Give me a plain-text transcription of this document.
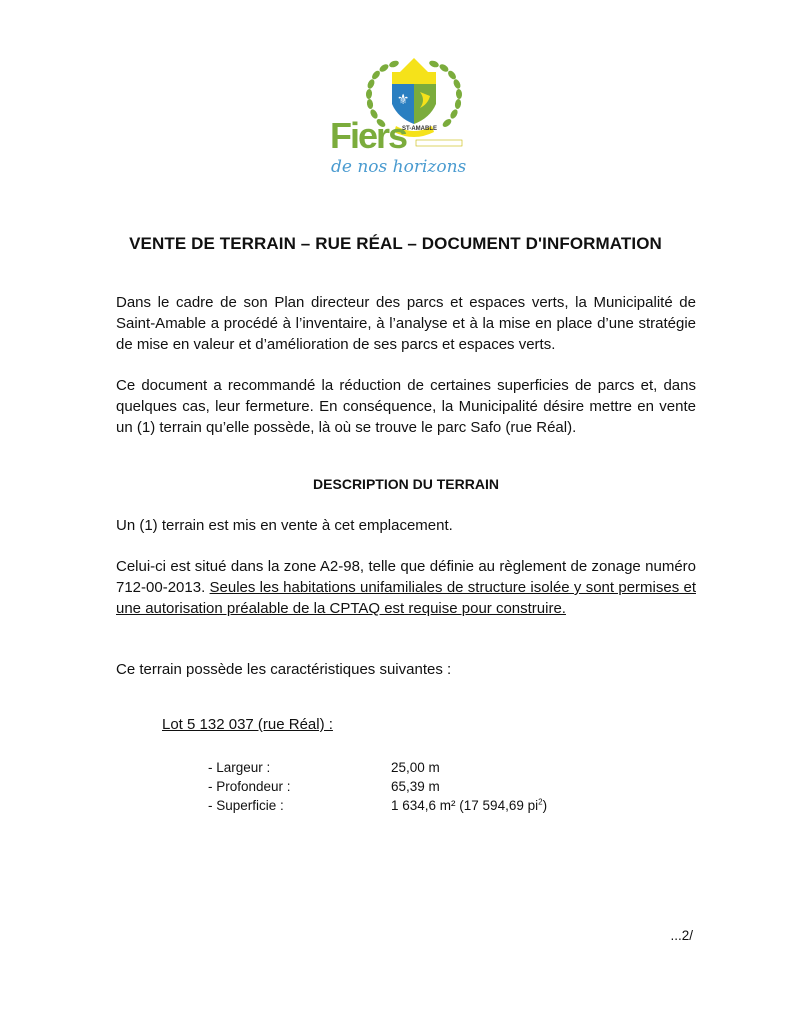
⚜
ST-AMABLE
Fiers
de nos horizons
VENTE DE TERRAIN – RUE RÉAL – DOCUMENT D'INFORMATION

Dans le cadre de son Plan directeur des parcs et espaces verts, la Municipalité de Saint-Amable a procédé à l’inventaire, à l’analyse et à la mise en place d’une stratégie de mise en valeur et d’amélioration de ses parcs et espaces verts.

Ce document a recommandé la réduction de certaines superficies de parcs et, dans quelques cas, leur fermeture. En conséquence, la Municipalité désire mettre en vente un (1) terrain qu’elle possède, là où se trouve le parc Safo (rue Réal).

DESCRIPTION DU TERRAIN

Un (1) terrain est mis en vente à cet emplacement.

Celui-ci est situé dans la zone A2-98, telle que définie au règlement de zonage numéro 712-00-2013. Seules les habitations unifamiliales de structure isolée y sont permises et une autorisation préalable de la CPTAQ est requise pour construire.

Ce terrain possède les caractéristiques suivantes :

Lot 5 132 037 (rue Réal) :
- Largeur :	25,00 m
- Profondeur :	65,39 m
- Superficie :	1 634,6 m² (17 594,69 $pi^2$)
...2/
